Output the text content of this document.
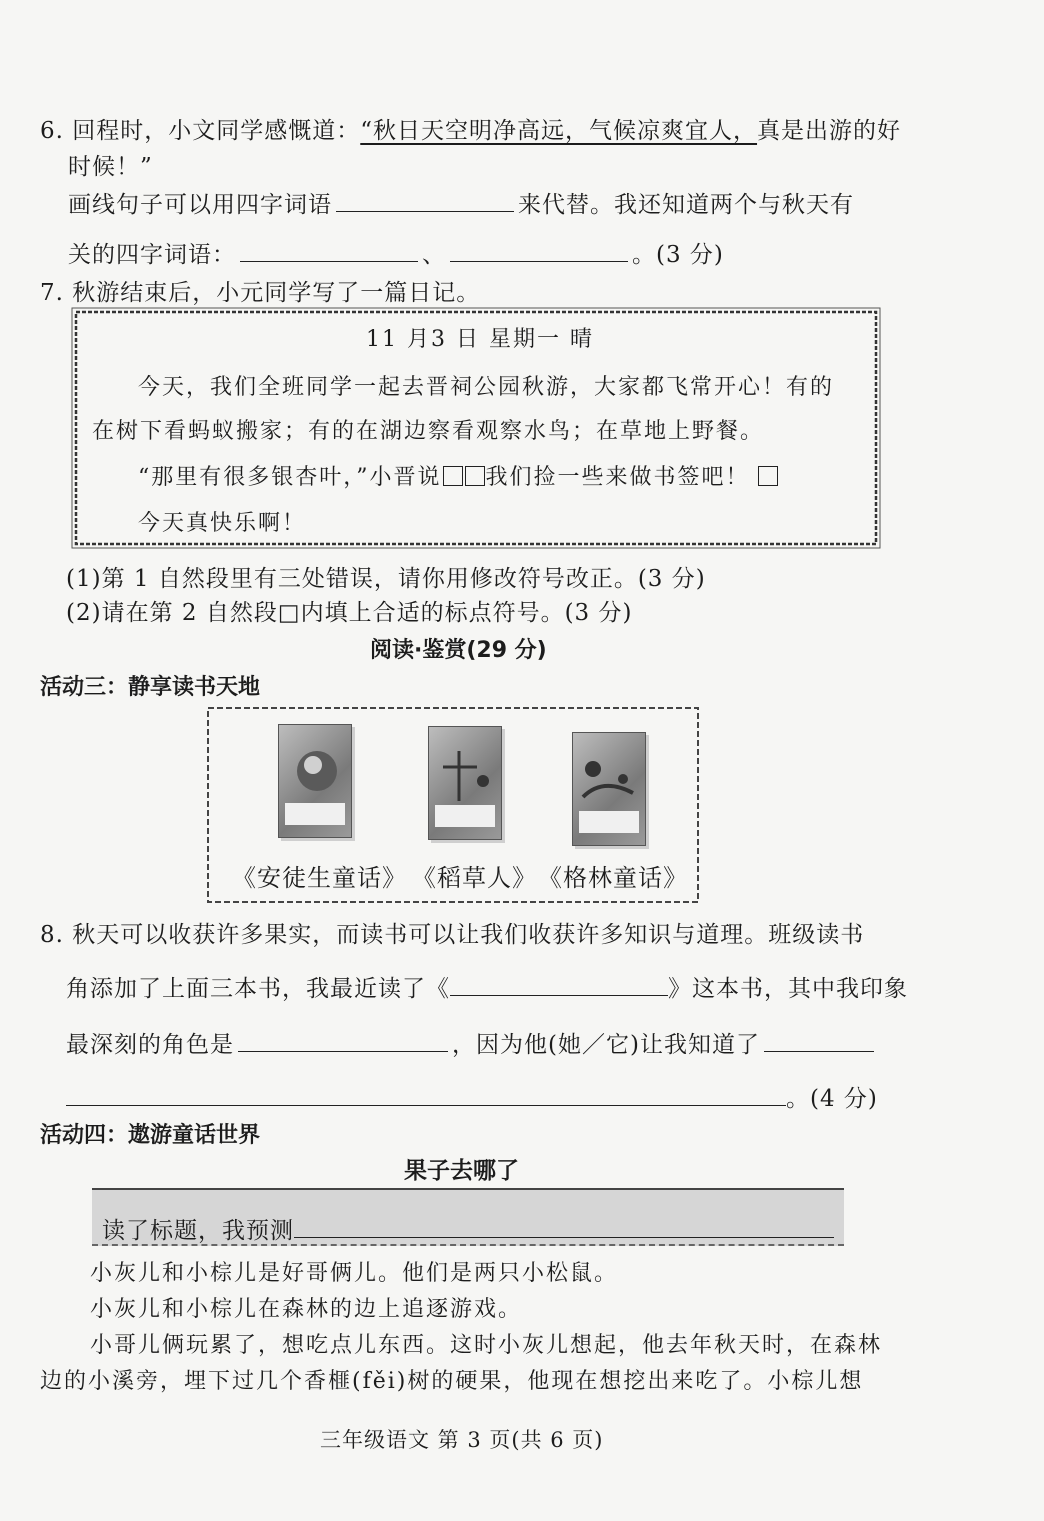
6. 回程时，小文同学感慨道：“秋日天空明净高远，气候凉爽宜人，真是出游的好
时候！”
画线句子可以用四字词语	来代替。我还知道两个与秋天有
关的四字词语：	、	。(3 分)
7. 秋游结束后，小元同学写了一篇日记。
11 月3 日 星期一 晴
今天，我们全班同学一起去晋祠公园秋游，大家都飞常开心！有的
在树下看蚂蚁搬家；有的在湖边察看观察水鸟；在草地上野餐。
“那里有很多银杏叶，”小晋说 我们捡一些来做书签吧！
今天真快乐啊！
(1)第 1 自然段里有三处错误，请你用修改符号改正。(3 分)
(2)请在第 2 自然段□内填上合适的标点符号。(3 分)
阅读·鉴赏(29 分)
活动三：静享读书天地
《安徒生童话》 《稻草人》 《格林童话》
8. 秋天可以收获许多果实，而读书可以让我们收获许多知识与道理。班级读书
角添加了上面三本书，我最近读了《	》这本书，其中我印象
最深刻的角色是	，因为他(她／它)让我知道了
。(4 分)
活动四：遨游童话世界
果子去哪了
读了标题，我预测
小灰儿和小棕儿是好哥俩儿。他们是两只小松鼠。
小灰儿和小棕儿在森林的边上追逐游戏。
小哥儿俩玩累了，想吃点儿东西。这时小灰儿想起，他去年秋天时，在森林
边的小溪旁，埋下过几个香榧(fěi)树的硬果，他现在想挖出来吃了。小棕儿想
三年级语文 第 3 页(共 6 页)
